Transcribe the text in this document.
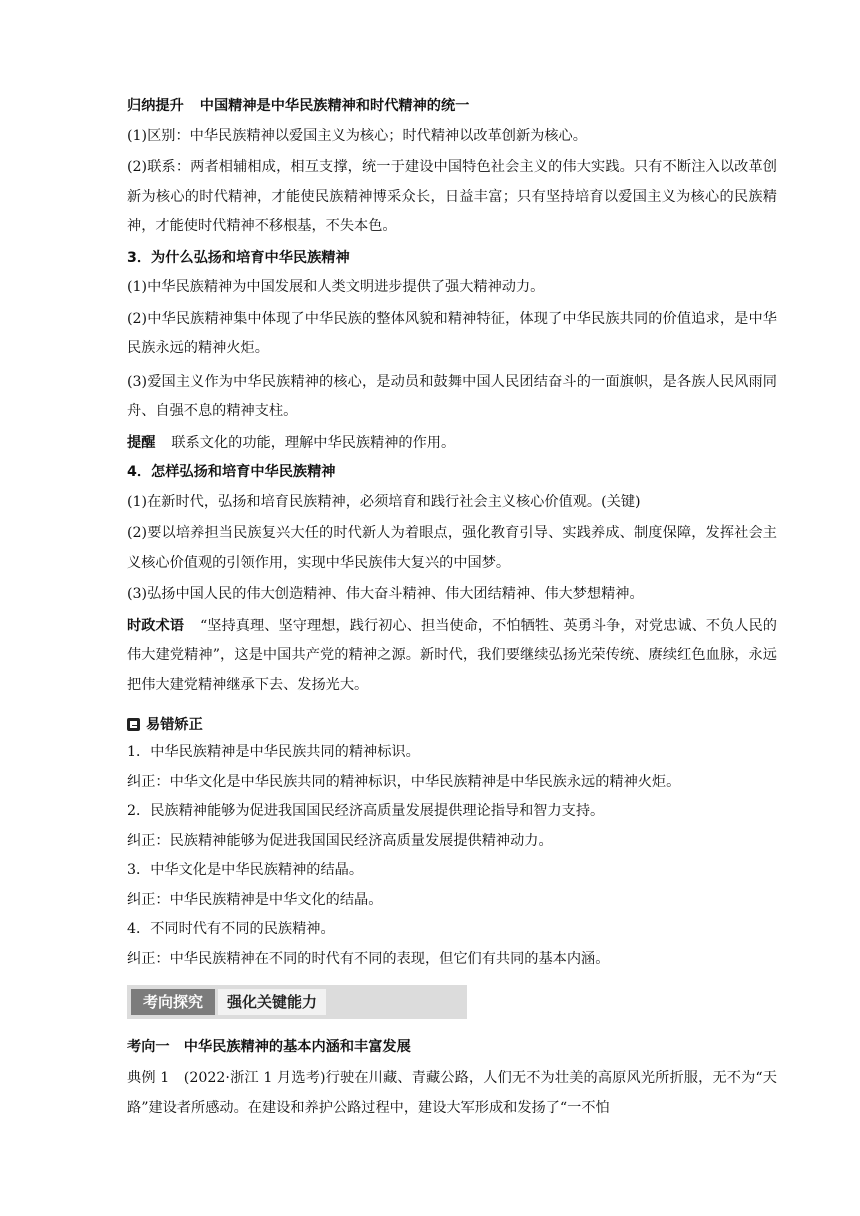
归纳提升 中国精神是中华民族精神和时代精神的统一
(1)区别：中华民族精神以爱国主义为核心；时代精神以改革创新为核心。
(2)联系：两者相辅相成，相互支撑，统一于建设中国特色社会主义的伟大实践。只有不断注入以改革创新为核心的时代精神，才能使民族精神博采众长，日益丰富；只有坚持培育以爱国主义为核心的民族精神，才能使时代精神不移根基，不失本色。
3．为什么弘扬和培育中华民族精神
(1)中华民族精神为中国发展和人类文明进步提供了强大精神动力。
(2)中华民族精神集中体现了中华民族的整体风貌和精神特征，体现了中华民族共同的价值追求，是中华民族永远的精神火炬。
(3)爱国主义作为中华民族精神的核心，是动员和鼓舞中国人民团结奋斗的一面旗帜，是各族人民风雨同舟、自强不息的精神支柱。
提醒 联系文化的功能，理解中华民族精神的作用。
4．怎样弘扬和培育中华民族精神
(1)在新时代，弘扬和培育民族精神，必须培育和践行社会主义核心价值观。(关键)
(2)要以培养担当民族复兴大任的时代新人为着眼点，强化教育引导、实践养成、制度保障，发挥社会主义核心价值观的引领作用，实现中华民族伟大复兴的中国梦。
(3)弘扬中国人民的伟大创造精神、伟大奋斗精神、伟大团结精神、伟大梦想精神。
时政术语 “坚持真理、坚守理想，践行初心、担当使命，不怕牺牲、英勇斗争，对党忠诚、不负人民的伟大建党精神”，这是中国共产党的精神之源。新时代，我们要继续弘扬光荣传统、赓续红色血脉，永远把伟大建党精神继承下去、发扬光大。
易错矫正
1．中华民族精神是中华民族共同的精神标识。
纠正：中华文化是中华民族共同的精神标识，中华民族精神是中华民族永远的精神火炬。
2．民族精神能够为促进我国国民经济高质量发展提供理论指导和智力支持。
纠正：民族精神能够为促进我国国民经济高质量发展提供精神动力。
3．中华文化是中华民族精神的结晶。
纠正：中华民族精神是中华文化的结晶。
4．不同时代有不同的民族精神。
纠正：中华民族精神在不同的时代有不同的表现，但它们有共同的基本内涵。
考向探究	强化关键能力
考向一　中华民族精神的基本内涵和丰富发展
典例 1　(2022·浙江 1 月选考)行驶在川藏、青藏公路，人们无不为壮美的高原风光所折服，无不为“天路”建设者所感动。在建设和养护公路过程中，建设大军形成和发扬了“一不怕
